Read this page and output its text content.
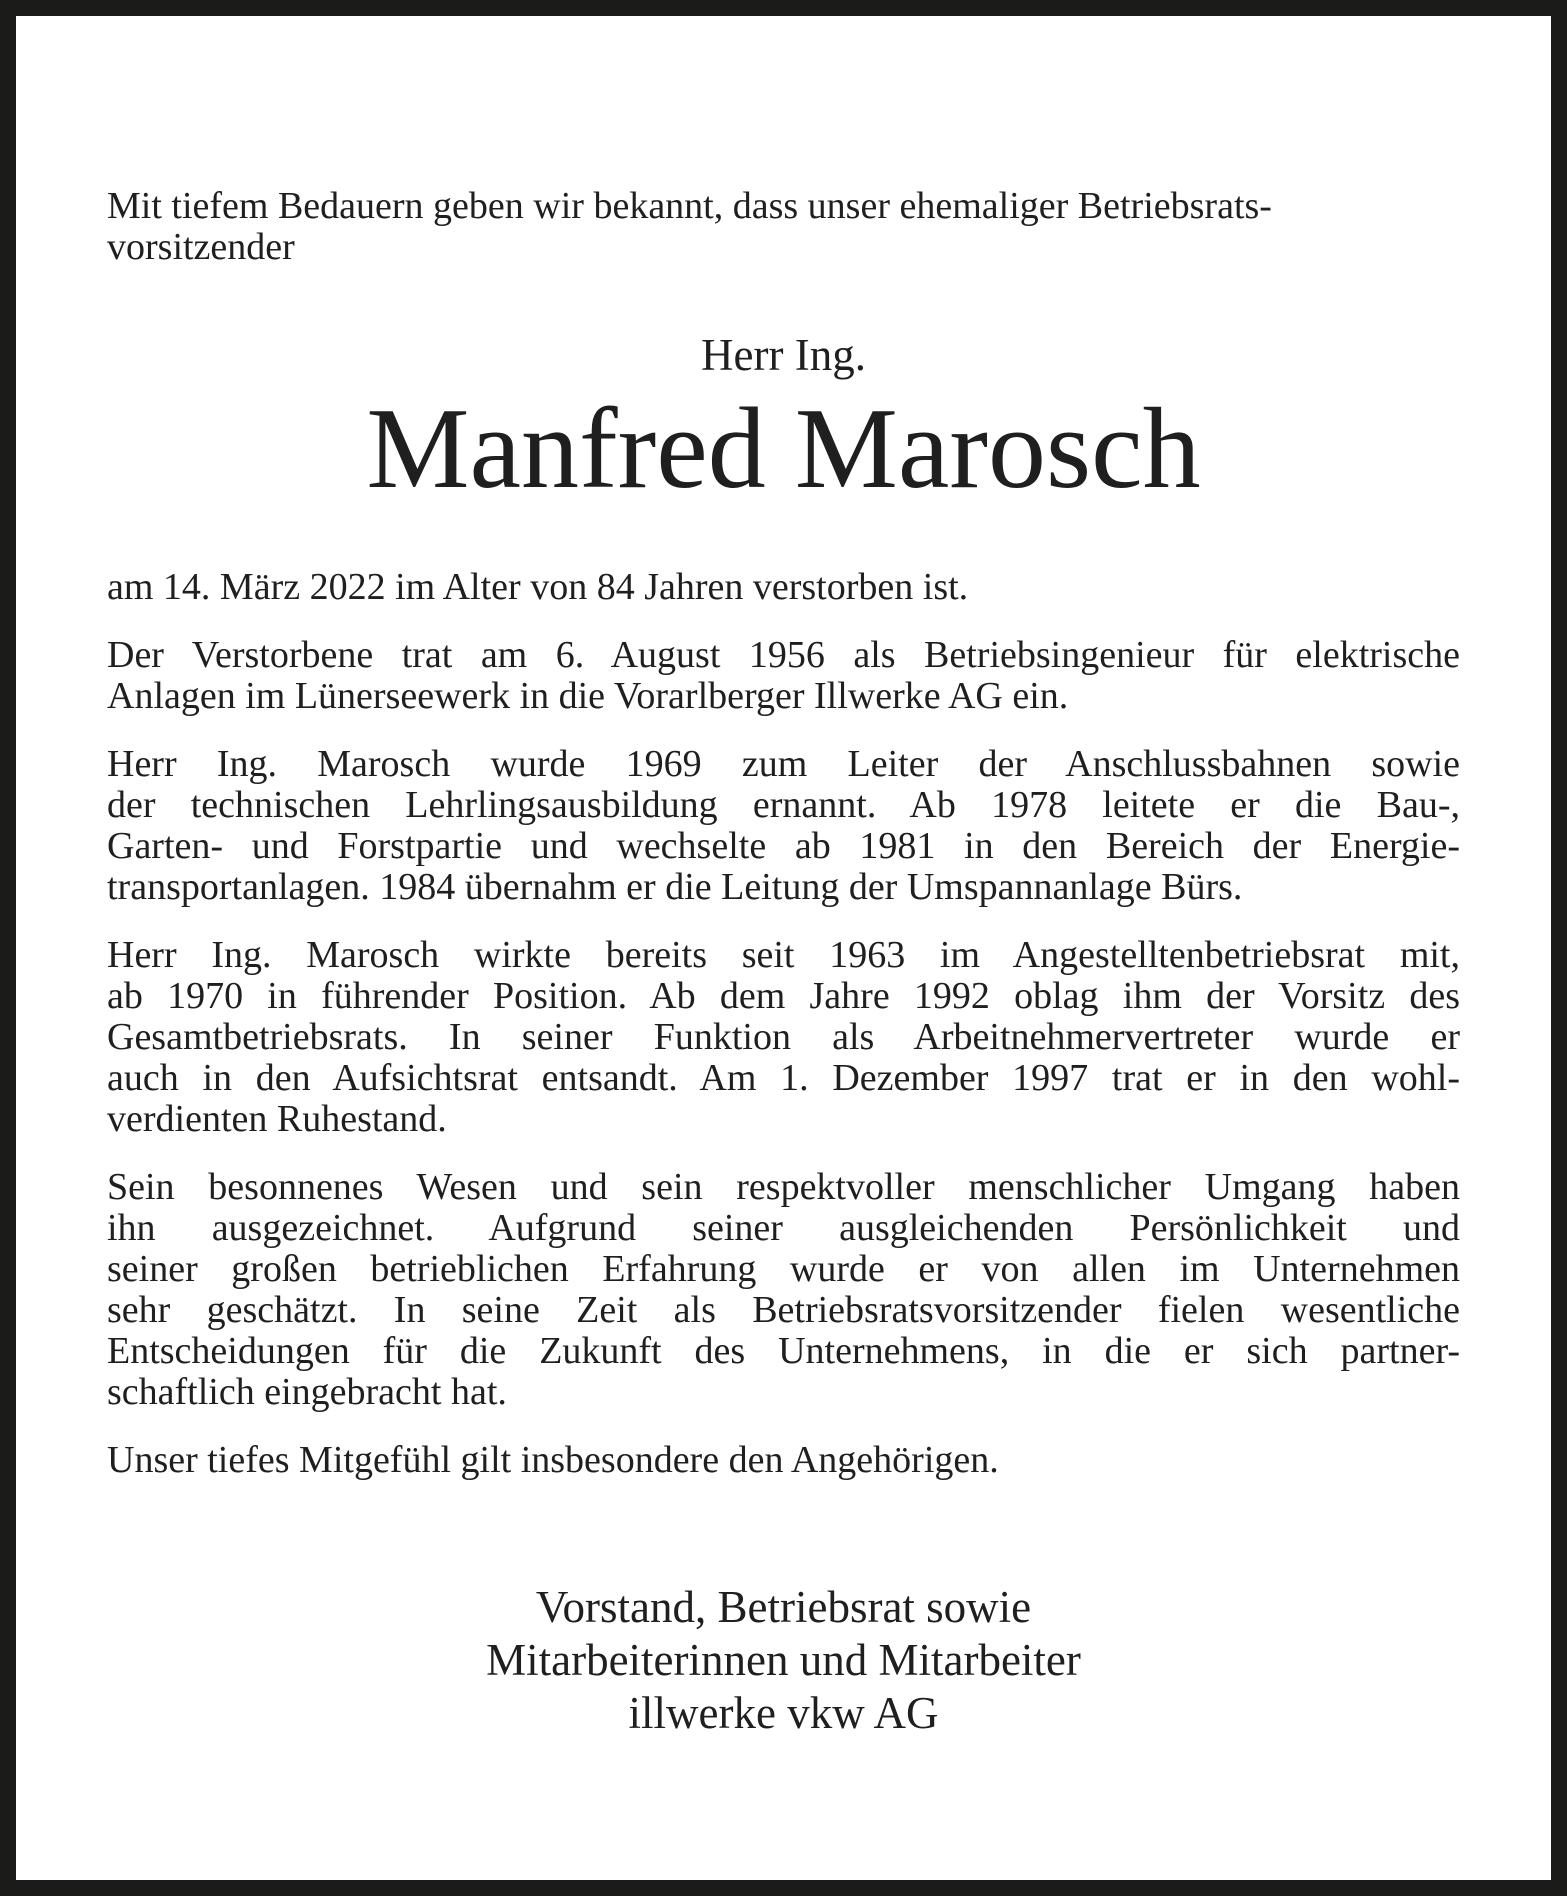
Mit tiefem Bedauern geben wir bekannt, dass unser ehemaliger Betriebsrats-
vorsitzender
Herr Ing.
Manfred Marosch
am 14. März 2022 im Alter von 84 Jahren verstorben ist.
Der Verstorbene trat am 6. August 1956 als Betriebsingenieur für elektrische
Anlagen im Lünerseewerk in die Vorarlberger Illwerke AG ein.
Herr Ing. Marosch wurde 1969 zum Leiter der Anschlussbahnen sowie
der technischen Lehrlingsausbildung ernannt. Ab 1978 leitete er die Bau-,
Garten- und Forstpartie und wechselte ab 1981 in den Bereich der Energie-
transportanlagen. 1984 übernahm er die Leitung der Umspannanlage Bürs.
Herr Ing. Marosch wirkte bereits seit 1963 im Angestelltenbetriebsrat mit,
ab 1970 in führender Position. Ab dem Jahre 1992 oblag ihm der Vorsitz des
Gesamtbetriebsrats. In seiner Funktion als Arbeitnehmervertreter wurde er
auch in den Aufsichtsrat entsandt. Am 1. Dezember 1997 trat er in den wohl-
verdienten Ruhestand.
Sein besonnenes Wesen und sein respektvoller menschlicher Umgang haben
ihn ausgezeichnet. Aufgrund seiner ausgleichenden Persönlichkeit und
seiner großen betrieblichen Erfahrung wurde er von allen im Unternehmen
sehr geschätzt. In seine Zeit als Betriebsratsvorsitzender fielen wesentliche
Entscheidungen für die Zukunft des Unternehmens, in die er sich partner-
schaftlich eingebracht hat.
Unser tiefes Mitgefühl gilt insbesondere den Angehörigen.
Vorstand, Betriebsrat sowie
Mitarbeiterinnen und Mitarbeiter
illwerke vkw AG
